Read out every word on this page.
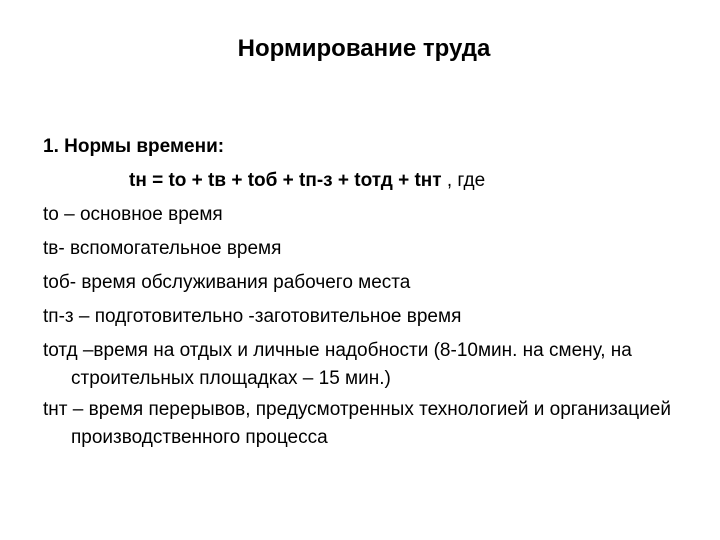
Нормирование труда
1. Нормы времени:
tн = to + tв + tоб + tп-з + tотд + tнт , где
to – основное время
tв- вспомогательное время
tоб- время обслуживания рабочего места
tп-з – подготовительно -заготовительное время
tотд –время на отдых и личные надобности (8-10мин. на смену, на строительных площадках – 15 мин.)
tнт – время перерывов, предусмотренных технологией и организацией производственного процесса
